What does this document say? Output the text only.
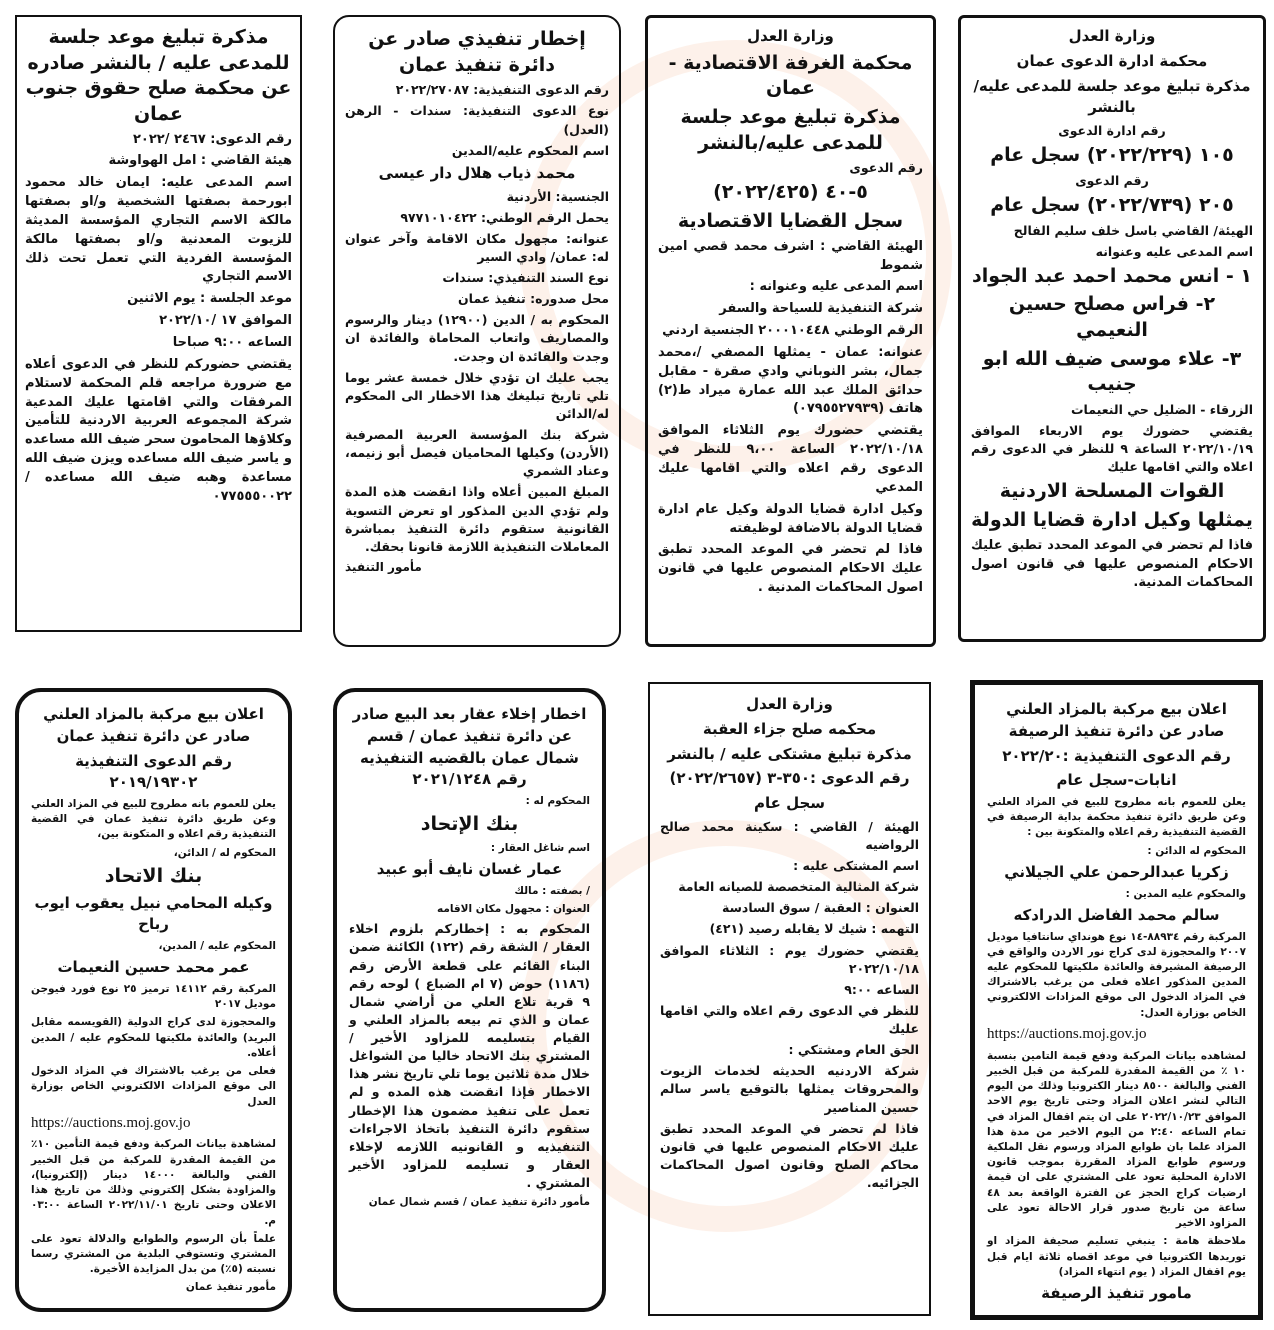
وزارة العدل

محكمة ادارة الدعوى عمان

مذكرة تبليغ موعد جلسة للمدعى عليه/ بالنشر

رقم ادارة الدعوى

١٠٥ (٢٠٢٢/٢٢٩) سجل عام

رقم الدعوى

٢٠٥ (٢٠٢٢/٧٣٩) سجل عام

الهيئة/ القاضي باسل خلف سليم الفالح

اسم المدعى عليه وعنوانه

١ - انس محمد احمد عبد الجواد

٢- فراس مصلح حسين النعيمي

٣- علاء موسى ضيف الله ابو جنيب

الزرقاء - الضليل حي النعيمات

يقتضي حضورك يوم الاربعاء الموافق ٢٠٢٢/١٠/١٩ الساعة ٩ للنظر في الدعوى رقم اعلاه والتي اقامها عليك

القوات المسلحة الاردنية

يمثلها وكيل ادارة قضايا الدولة

فاذا لم تحضر في الموعد المحدد تطبق عليك الاحكام المنصوص عليها في قانون اصول المحاكمات المدنية.

وزارة العدل

محكمة الغرفة الاقتصادية - عمان

مذكرة تبليغ موعد جلسة للمدعى عليه/بالنشر

رقم الدعوى

٥-٤٠ (٢٠٢٢/٤٢٥)

سجل القضايا الاقتصادية

الهيئة القاضي : اشرف محمد قصي امين شموط

اسم المدعى عليه وعنوانه :

شركة التنفيذية للسياحة والسفر

الرقم الوطني ٢٠٠٠١٠٤٤٨ الجنسية اردني

عنوانه: عمان - يمثلها المصفي /،محمد جمال، بشر النوباني وادي صقرة - مقابل حدائق الملك عبد الله عمارة ميراد ط(٢) هاتف (٠٧٩٥٥٢٧٩٣٩)

يقتضي حضورك يوم الثلاثاء الموافق ٢٠٢٢/١٠/١٨ الساعة ٩،٠٠ للنظر في الدعوى رقم اعلاه والتي اقامها عليك المدعي

وكيل ادارة قضايا الدولة وكيل عام ادارة قضايا الدولة بالاضافة لوظيفته

فاذا لم تحضر في الموعد المحدد تطبق عليك الاحكام المنصوص عليها في قانون اصول المحاكمات المدنية .

إخطار تنفيذي صادر عن دائرة تنفيذ عمان

رقم الدعوى التنفيذية: ٢٠٢٢/٢٧٠٨٧

نوع الدعوى التنفيذية: سندات - الرهن (العدل)

اسم المحكوم عليه/المدين

محمد ذياب هلال دار عيسى

الجنسية: الأردنية

يحمل الرقم الوطني: ٩٧٧١٠١٠٤٢٢

عنوانه: مجهول مكان الاقامة وآخر عنوان له: عمان/ وادي السير

نوع السند التنفيذي: سندات

محل صدوره: تنفيذ عمان

المحكوم به / الدين (١٢٩٠٠) دينار والرسوم والمصاريف واتعاب المحاماة والفائدة ان وجدت والفائدة ان وجدت.

يجب عليك ان تؤدي خلال خمسة عشر يوما تلي تاريخ تبليغك هذا الاخطار الى المحكوم له/الدائن

شركة بنك المؤسسة العربية المصرفية (الأردن) وكيلها المحاميان فيصل أبو زنيمه، وعناد الشمري

المبلغ المبين أعلاه واذا انقضت هذه المدة ولم تؤدي الدين المذكور او تعرض التسوية القانونية ستقوم دائرة التنفيذ بمباشرة المعاملات التنفيذية اللازمة قانونا بحقك.

مأمور التنفيذ

مذكرة تبليغ موعد جلسة للمدعى عليه / بالنشر صادره عن محكمة صلح حقوق جنوب عمان

رقم الدعوى: ٢٤٦٧ /٢٠٢٢

هيئة القاضي : امل الهواوشة

اسم المدعى عليه: ايمان خالد محمود ابورحمة بصفتها الشخصية و/او بصفتها مالكة الاسم التجاري المؤسسة المديثة للزيوت المعدنية و/او بصفتها مالكة المؤسسة الفردية التي تعمل تحت ذلك الاسم التجاري

موعد الجلسة : يوم الاثنين

الموافق ١٧ /٢٠٢٢/١٠

الساعه ٩:٠٠ صباحا

يقتضي حضوركم للنظر في الدعوى أعلاه مع ضرورة مراجعه قلم المحكمة لاستلام المرفقات والتي اقامتها عليك المدعية شركة المجموعه العربية الاردنية للتأمين وكلاؤها المحامون سحر ضيف الله مساعده و ياسر ضيف الله مساعده ويزن ضيف الله مساعدة وهبه ضيف الله مساعده /٠٧٧٥٥٥٠٠٢٢

اعلان بيع مركبة بالمزاد العلني صادر عن دائرة تنفيذ الرصيفة

رقم الدعوى التنفيذية :٢٠٢٢/٢٠

انابات-سجل عام

يعلن للعموم بانه مطروح للبيع في المزاد العلني وعن طريق دائرة تنفيذ محكمة بداية الرصيفة في القضية التنفيذية رقم اعلاه والمتكونة بين :

المحكوم له الدائن :

زكريا عبدالرحمن علي الجيلاني

والمحكوم عليه المدين :

سالم محمد الفاضل الدرادكه

المركبة رقم ٨٨٩٣٤-١٤ نوع هونداي سانتافيا موديل ٢٠٠٧ والمحجوزة لدى كراج نور الاردن والواقع في الرصيفة المشيرفة والعائدة ملكيتها للمحكوم عليه المدين المذكور اعلاه فعلى من يرغب بالاشتراك في المزاد الدخول الى موقع المزادات الالكتروني الخاص بوزارة العدل:

https://auctions.moj.gov.jo

لمشاهده بيانات المركبة ودفع قيمة التامين بنسبة ١٠ ٪ من القيمة المقدرة للمركبة من قبل الخبير الفني والبالغة ٨٥٠٠ دينار الكترونيا وذلك من اليوم التالي لنشر اعلان المزاد وحتى تاريخ يوم الاحد الموافق ٢٠٢٢/١٠/٢٣ على ان يتم اقفال المزاد في تمام الساعه ٢:٤٠ من اليوم الاخير من مدة هذا المزاد علما بان طوابع المزاد ورسوم نقل الملكية ورسوم طوابع المزاد المقررة بموجب قانون الادارة المحلية تعود على المشتري على ان قيمة ارضيات كراج الحجز عن الفترة الواقعة بعد ٤٨ ساعة من تاريخ صدور قرار الاحالة تعود على المزاود الاخير

ملاحظة هامة : ينبغي تسليم صحيفة المزاد او توريدها الكترونيا في موعد اقصاه ثلاثة ايام قبل يوم اقفال المزاد ( يوم انتهاء المزاد)

مامور تنفيذ الرصيفة

وزارة العدل

محكمه صلح جزاء العقبة

مذكرة تبليغ مشتكى عليه / بالنشر

رقم الدعوى :٣٥٠-٣ (٢٠٢٢/٢٦٥٧)

سجل عام

الهيئة / القاضي : سكينة محمد صالح الرواضيه

اسم المشتكى عليه :

شركة المثالية المتخصصة للصيانه العامة

العنوان : العقبة / سوق السادسة

التهمه : شيك لا يقابله رصيد (٤٢١)

يقتضي حضورك يوم : الثلاثاء الموافق ٢٠٢٢/١٠/١٨

الساعه ٩:٠٠

للنظر في الدعوى رقم اعلاه والتي اقامها عليك

الحق العام ومشتكي :

شركة الاردنيه الحديثه لخدمات الزيوت والمحروقات يمثلها بالتوقيع ياسر سالم حسين المناصير

فاذا لم تحضر في الموعد المحدد تطبق عليك الاحكام المنصوص عليها في قانون محاكم الصلح وقانون اصول المحاكمات الجزائيه.

اخطار إخلاء عقار بعد البيع صادر عن دائرة تنفيذ عمان / قسم شمال عمان بالقضيه التنفيذيه رقم ٢٠٢١/١٢٤٨

المحكوم له :

بنك الإتحاد

اسم شاغل العقار :

عمار غسان نايف أبو عبيد

/ بصفته : مالك

العنوان : مجهول مكان الاقامه

المحكوم به : إخطاركم بلزوم اخلاء العقار / الشقة رقم (١٢٢) الكائنة ضمن البناء القائم على قطعة الأرض رقم (١١٨٦) حوض (٧ ام الضباع ) لوحه رقم ٩ قرية تلاع العلي من أراضي شمال عمان و الذي تم بيعه بالمزاد العلني و القيام بتسليمه للمزاود الأخير / المشتري بنك الاتحاد خاليا من الشواغل خلال مدة ثلاثين يوما تلي تاريخ نشر هذا الاخطار فإذا انقضت هذه المده و لم تعمل على تنفيذ مضمون هذا الإخطار ستقوم دائرة التنفيذ باتخاذ الاجراءات التنفيذيه و القانونيه اللازمه لإخلاء العقار و تسليمه للمزاود الأخير المشتري .

مأمور دائرة تنفيذ عمان / قسم شمال عمان

اعلان بيع مركبة بالمزاد العلني صادر عن دائرة تنفيذ عمان

رقم الدعوى التنفيذية ٢٠١٩/١٩٣٠٢

يعلن للعموم بانه مطروح للبيع في المزاد العلني وعن طريق دائرة تنفيذ عمان في القضية التنفيذية رقم اعلاه و المتكونة بين،

المحكوم له / الدائن،

بنك الاتحاد

وكيله المحامي نبيل يعقوب ايوب رباح

المحكوم عليه / المدين،

عمر محمد حسين النعيمات

المركبة رقم ١٤١١٢ ترميز ٢٥ نوع فورد فيوجن موديل ٢٠١٧

والمحجوزة لدى كراج الدولية (القويسمه مقابل البريد) والعائدة ملكيتها للمحكوم عليه / المدين أعلاه.

فعلى من يرغب بالاشتراك في المزاد الدخول الى موقع المزادات الالكتروني الخاص بوزارة العدل

https://auctions.moj.gov.jo

لمشاهدة بيانات المركبة ودفع قيمة التأمين ١٠٪ من القيمة المقدرة للمركبة من قبل الخبير الفني والبالغة ١٤٠٠٠ دينار (إلكترونيا)، والمزاودة بشكل إلكتروني وذلك من تاريخ هذا الاعلان وحتى تاريخ ٢٠٢٢/١١/٠١ الساعة ٠٣:٠٠ م.

علماً بأن الرسوم والطوابع والدلالة تعود على المشتري وتستوفي البلدية من المشتري رسما نسبته (٥٪) من بدل المزايدة الأخيرة.

مأمور تنفيذ عمان
